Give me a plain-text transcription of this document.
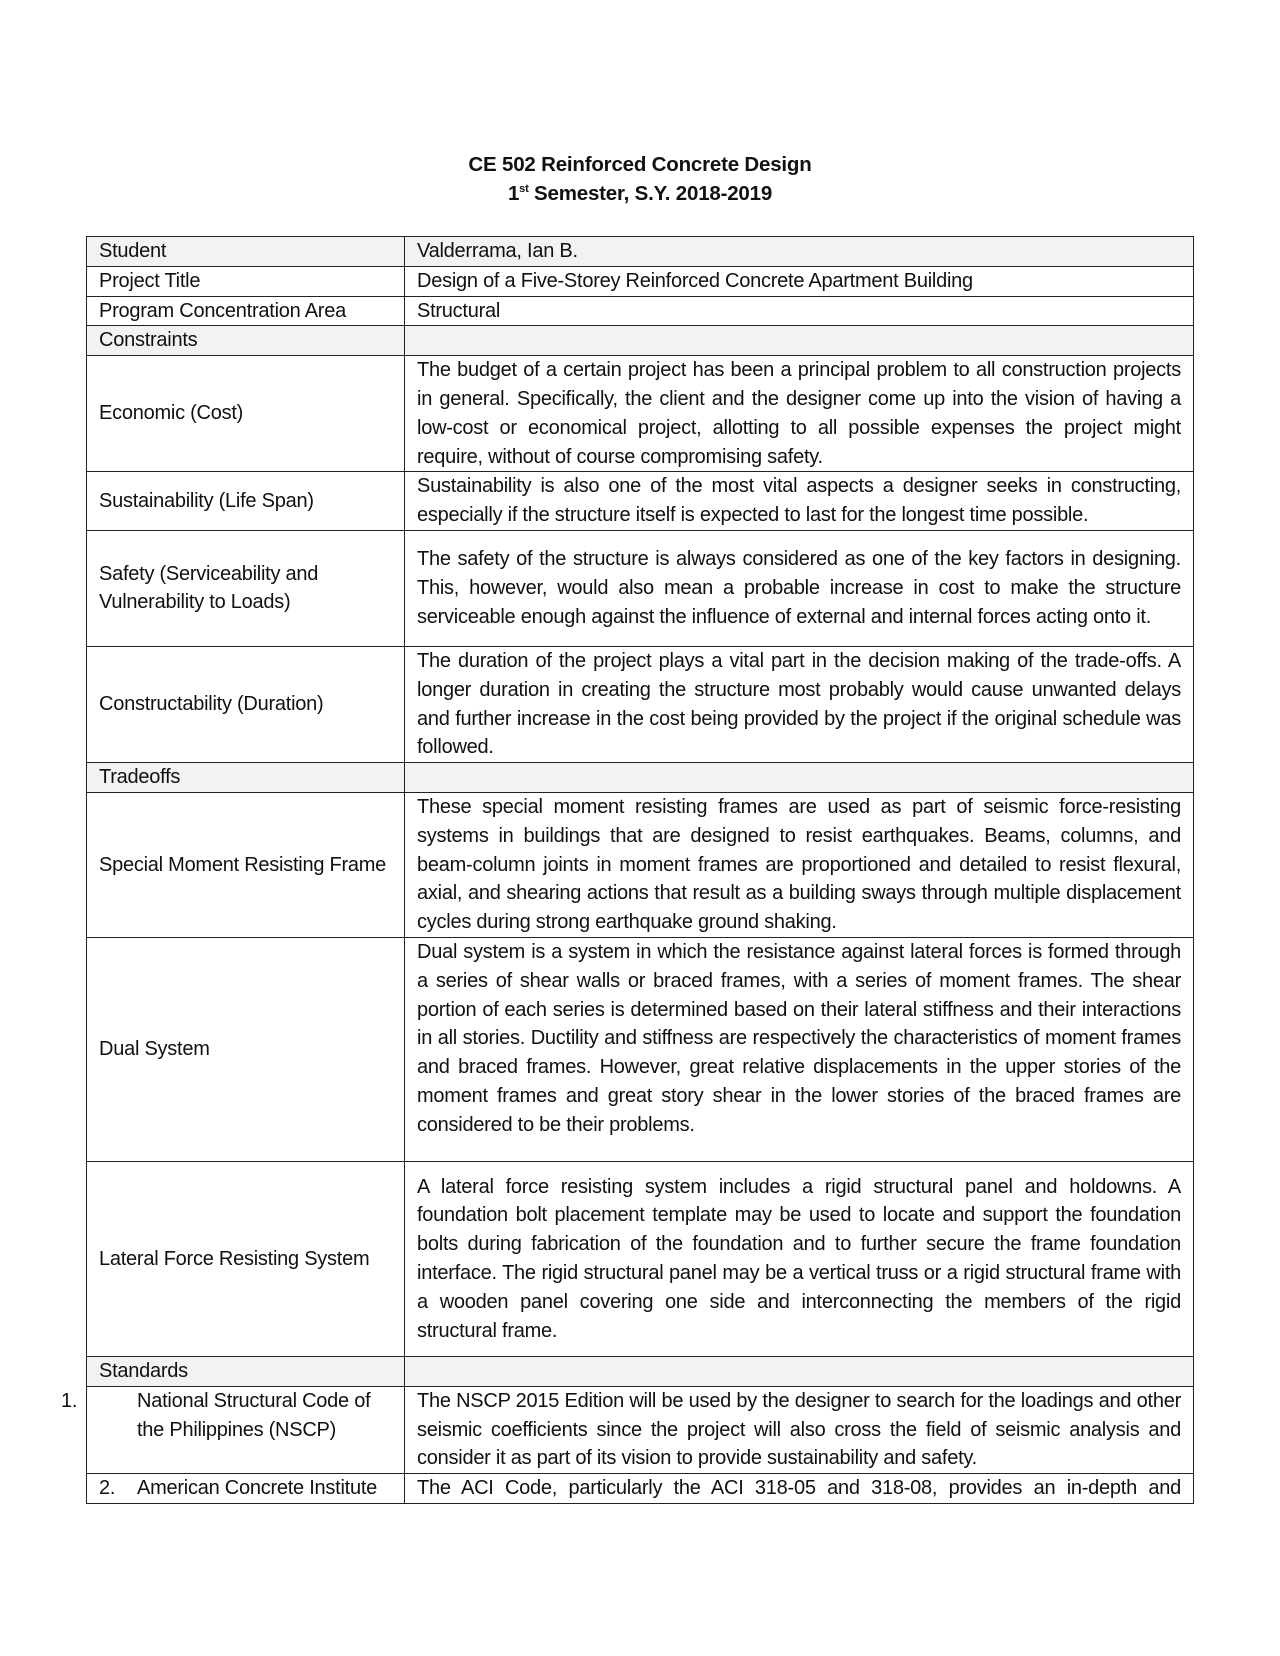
CE 502 Reinforced Concrete Design
1st Semester, S.Y. 2018-2019
Student	Valderrama, Ian B.
Project Title	Design of a Five-Storey Reinforced Concrete Apartment Building
Program Concentration Area	Structural
Constraints	
Economic (Cost)	The budget of a certain project has been a principal problem to all construction projects in general. Specifically, the client and the designer come up into the vision of having a low-cost or economical project, allotting to all possible expenses the project might require, without of course compromising safety.
Sustainability (Life Span)	Sustainability is also one of the most vital aspects a designer seeks in constructing, especially if the structure itself is expected to last for the longest time possible.
Safety (Serviceability and Vulnerability to Loads)	The safety of the structure is always considered as one of the key factors in designing. This, however, would also mean a probable increase in cost to make the structure serviceable enough against the influence of external and internal forces acting onto it.
Constructability (Duration)	The duration of the project plays a vital part in the decision making of the trade-offs. A longer duration in creating the structure most probably would cause unwanted delays and further increase in the cost being provided by the project if the original schedule was followed.
Tradeoffs	
Special Moment Resisting Frame	These special moment resisting frames are used as part of seismic force-resisting systems in buildings that are designed to resist earthquakes. Beams, columns, and beam-column joints in moment frames are proportioned and detailed to resist flexural, axial, and shearing actions that result as a building sways through multiple displacement cycles during strong earthquake ground shaking.
Dual System	Dual system is a system in which the resistance against lateral forces is formed through a series of shear walls or braced frames, with a series of moment frames. The shear portion of each series is determined based on their lateral stiffness and their interactions in all stories. Ductility and stiffness are respectively the characteristics of moment frames and braced frames. However, great relative displacements in the upper stories of the moment frames and great story shear in the lower stories of the braced frames are considered to be their problems.
Lateral Force Resisting System	A lateral force resisting system includes a rigid structural panel and holdowns. A foundation bolt placement template may be used to locate and support the foundation bolts during fabrication of the foundation and to further secure the frame foundation interface. The rigid structural panel may be a vertical truss or a rigid structural frame with a wooden panel covering one side and interconnecting the members of the rigid structural frame.
Standards	

1. National Structural Code of the Philippines (NSCP)	The NSCP 2015 Edition will be used by the designer to search for the loadings and other seismic coefficients since the project will also cross the field of seismic analysis and consider it as part of its vision to provide sustainability and safety.
2. American Concrete Institute	The ACI Code, particularly the ACI 318-05 and 318-08, provides an in-depth and
